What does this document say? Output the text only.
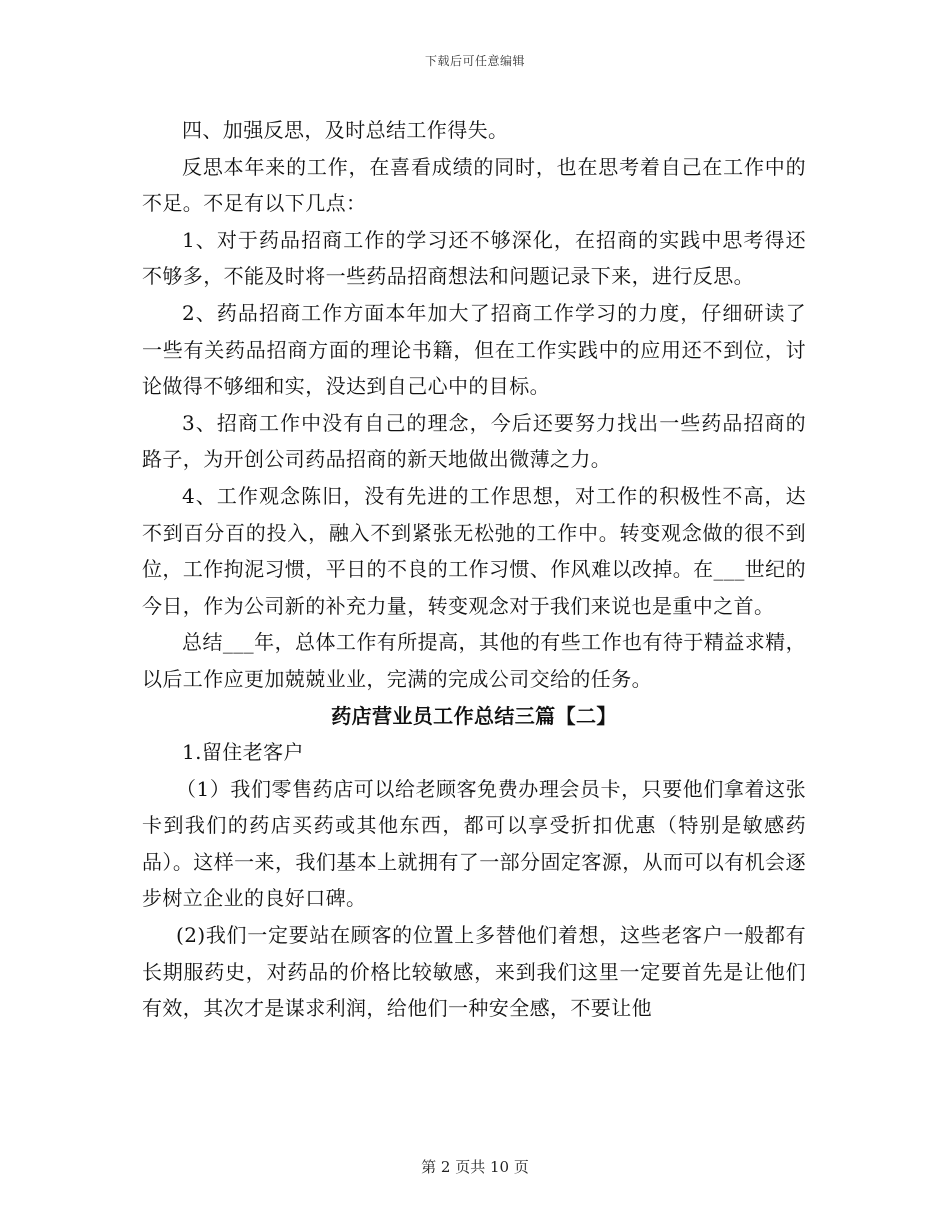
下载后可任意编辑

四、加强反思，及时总结工作得失。

反思本年来的工作，在喜看成绩的同时，也在思考着自己在工作中的不足。不足有以下几点：

1、对于药品招商工作的学习还不够深化，在招商的实践中思考得还不够多，不能及时将一些药品招商想法和问题记录下来，进行反思。

2、药品招商工作方面本年加大了招商工作学习的力度，仔细研读了一些有关药品招商方面的理论书籍，但在工作实践中的应用还不到位，讨论做得不够细和实，没达到自己心中的目标。

3、招商工作中没有自己的理念，今后还要努力找出一些药品招商的路子，为开创公司药品招商的新天地做出微薄之力。

4、工作观念陈旧，没有先进的工作思想，对工作的积极性不高，达不到百分百的投入，融入不到紧张无松弛的工作中。转变观念做的很不到位，工作拘泥习惯，平日的不良的工作习惯、作风难以改掉。在___世纪的今日，作为公司新的补充力量，转变观念对于我们来说也是重中之首。

总结___年，总体工作有所提高，其他的有些工作也有待于精益求精，以后工作应更加兢兢业业，完满的完成公司交给的任务。

药店营业员工作总结三篇【二】

1.留住老客户

（1）我们零售药店可以给老顾客免费办理会员卡，只要他们拿着这张卡到我们的药店买药或其他东西，都可以享受折扣优惠（特别是敏感药品）。这样一来，我们基本上就拥有了一部分固定客源，从而可以有机会逐步树立企业的良好口碑。

(2)我们一定要站在顾客的位置上多替他们着想，这些老客户一般都有长期服药史，对药品的价格比较敏感，来到我们这里一定要首先是让他们有效，其次才是谋求利润，给他们一种安全感，不要让他

第 2 页共 10 页
